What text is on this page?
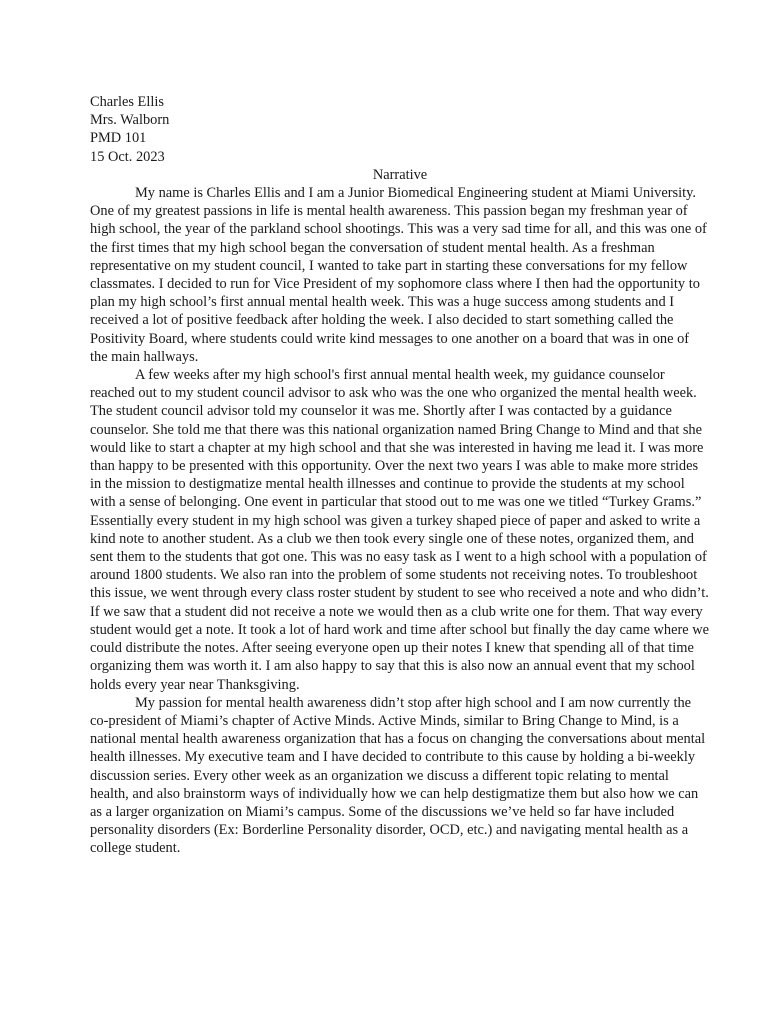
Charles Ellis
Mrs. Walborn
PMD 101
15 Oct. 2023
Narrative

My name is Charles Ellis and I am a Junior Biomedical Engineering student at Miami University. One of my greatest passions in life is mental health awareness. This passion began my freshman year of high school, the year of the parkland school shootings. This was a very sad time for all, and this was one of the first times that my high school began the conversation of student mental health. As a freshman representative on my student council, I wanted to take part in starting these conversations for my fellow classmates. I decided to run for Vice President of my sophomore class where I then had the opportunity to plan my high school’s first annual mental health week. This was a huge success among students and I received a lot of positive feedback after holding the week. I also decided to start something called the Positivity Board, where students could write kind messages to one another on a board that was in one of the main hallways.

A few weeks after my high school's first annual mental health week, my guidance counselor reached out to my student council advisor to ask who was the one who organized the mental health week. The student council advisor told my counselor it was me. Shortly after I was contacted by a guidance counselor. She told me that there was this national organization named Bring Change to Mind and that she would like to start a chapter at my high school and that she was interested in having me lead it. I was more than happy to be presented with this opportunity. Over the next two years I was able to make more strides in the mission to destigmatize mental health illnesses and continue to provide the students at my school with a sense of belonging. One event in particular that stood out to me was one we titled “Turkey Grams.” Essentially every student in my high school was given a turkey shaped piece of paper and asked to write a kind note to another student. As a club we then took every single one of these notes, organized them, and sent them to the students that got one. This was no easy task as I went to a high school with a population of around 1800 students. We also ran into the problem of some students not receiving notes. To troubleshoot this issue, we went through every class roster student by student to see who received a note and who didn’t. If we saw that a student did not receive a note we would then as a club write one for them. That way every student would get a note. It took a lot of hard work and time after school but finally the day came where we could distribute the notes. After seeing everyone open up their notes I knew that spending all of that time organizing them was worth it. I am also happy to say that this is also now an annual event that my school holds every year near Thanksgiving.

My passion for mental health awareness didn’t stop after high school and I am now currently the co-president of Miami’s chapter of Active Minds. Active Minds, similar to Bring Change to Mind, is a national mental health awareness organization that has a focus on changing the conversations about mental health illnesses. My executive team and I have decided to contribute to this cause by holding a bi-weekly discussion series. Every other week as an organization we discuss a different topic relating to mental health, and also brainstorm ways of individually how we can help destigmatize them but also how we can as a larger organization on Miami’s campus. Some of the discussions we’ve held so far have included personality disorders (Ex: Borderline Personality disorder, OCD, etc.) and navigating mental health as a college student.
